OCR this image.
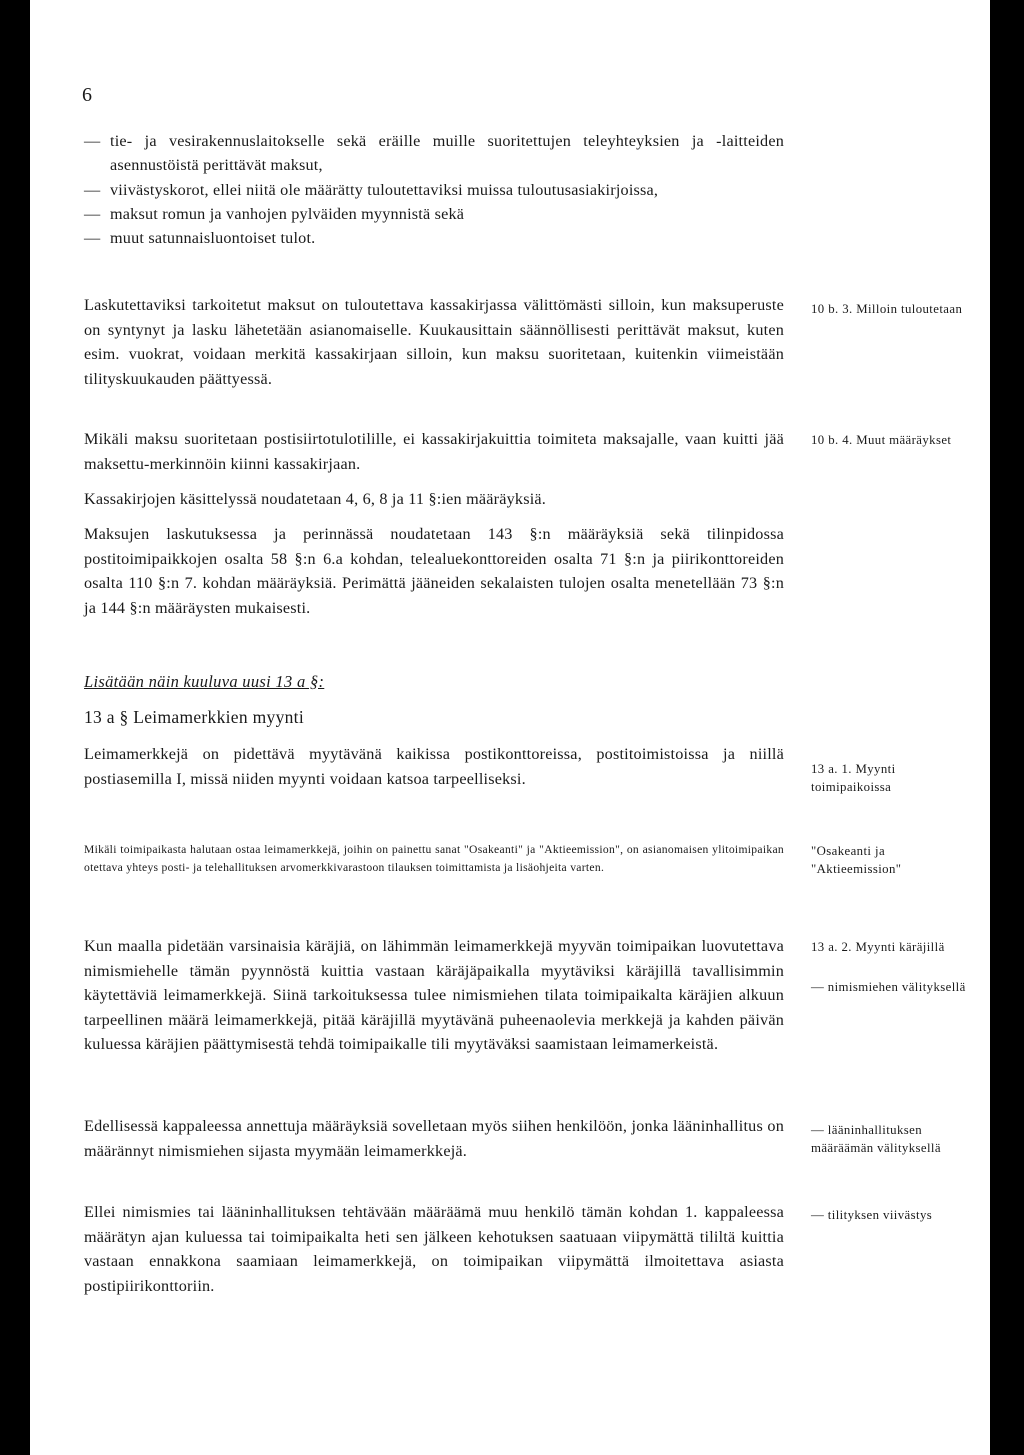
6
— tie- ja vesirakennuslaitokselle sekä eräille muille suoritettujen teleyhteyksien ja -laitteiden asennustöistä perittävät maksut,
— viivästyskorot, ellei niitä ole määrätty tuloutettaviksi muissa tuloutusasiakirjoissa,
— maksut romun ja vanhojen pylväiden myynnistä sekä
— muut satunnaisluontoiset tulot.

Laskutettaviksi tarkoitetut maksut on tuloutettava kassakirjassa välittömästi silloin, kun maksuperuste on syntynyt ja lasku lähetetään asianomaiselle. Kuukausittain säännöllisesti perittävät maksut, kuten esim. vuokrat, voidaan merkitä kassakirjaan silloin, kun maksu suoritetaan, kuitenkin viimeistään tilityskuukauden päättyessä.

10 b. 3. Milloin tuloutetaan

Mikäli maksu suoritetaan postisiirtotulotilille, ei kassakirjakuittia toimiteta maksajalle, vaan kuitti jää maksettu-merkinnöin kiinni kassakirjaan.

10 b. 4. Muut määräykset

Kassakirjojen käsittelyssä noudatetaan 4, 6, 8 ja 11 §:ien määräyksiä.

Maksujen laskutuksessa ja perinnässä noudatetaan 143 §:n määräyksiä sekä tilinpidossa postitoimipaikkojen osalta 58 §:n 6.a kohdan, telealuekonttoreiden osalta 71 §:n ja piirikonttoreiden osalta 110 §:n 7. kohdan määräyksiä. Perimättä jääneiden sekalaisten tulojen osalta menetellään 73 §:n ja 144 §:n määräysten mukaisesti.

Lisätään näin kuuluva uusi 13 a §:
13 a § Leimamerkkien myynti

Leimamerkkejä on pidettävä myytävänä kaikissa postikonttoreissa, postitoimistoissa ja niillä postiasemilla I, missä niiden myynti voidaan katsoa tarpeelliseksi.

13 a. 1. Myynti toimipaikoissa

Mikäli toimipaikasta halutaan ostaa leimamerkkejä, joihin on painettu sanat "Osakeanti" ja "Aktieemission", on asianomaisen ylitoimipaikan otettava yhteys posti- ja telehallituksen arvomerkkivarastoon tilauksen toimittamista ja lisäohjeita varten.

"Osakeanti ja "Aktieemission"

Kun maalla pidetään varsinaisia käräjiä, on lähimmän leimamerkkejä myyvän toimipaikan luovutettava nimismiehelle tämän pyynnöstä kuittia vastaan käräjäpaikalla myytäviksi käräjillä tavallisimmin käytettäviä leimamerkkejä. Siinä tarkoituksessa tulee nimismiehen tilata toimipaikalta käräjien alkuun tarpeellinen määrä leimamerkkejä, pitää käräjillä myytävänä puheenaolevia merkkejä ja kahden päivän kuluessa käräjien päättymisestä tehdä toimipaikalle tili myytäväksi saamistaan leimamerkeistä.

13 a. 2. Myynti käräjillä
— nimismiehen välityksellä

Edellisessä kappaleessa annettuja määräyksiä sovelletaan myös siihen henkilöön, jonka lääninhallitus on määrännyt nimismiehen sijasta myymään leimamerkkejä.

— lääninhallituksen määräämän välityksellä

Ellei nimismies tai lääninhallituksen tehtävään määräämä muu henkilö tämän kohdan 1. kappaleessa määrätyn ajan kuluessa tai toimipaikalta heti sen jälkeen kehotuksen saatuaan viipymättä tililtä kuittia vastaan ennakkona saamiaan leimamerkkejä, on toimipaikan viipymättä ilmoitettava asiasta postipiirikonttoriin.

— tilityksen viivästys
